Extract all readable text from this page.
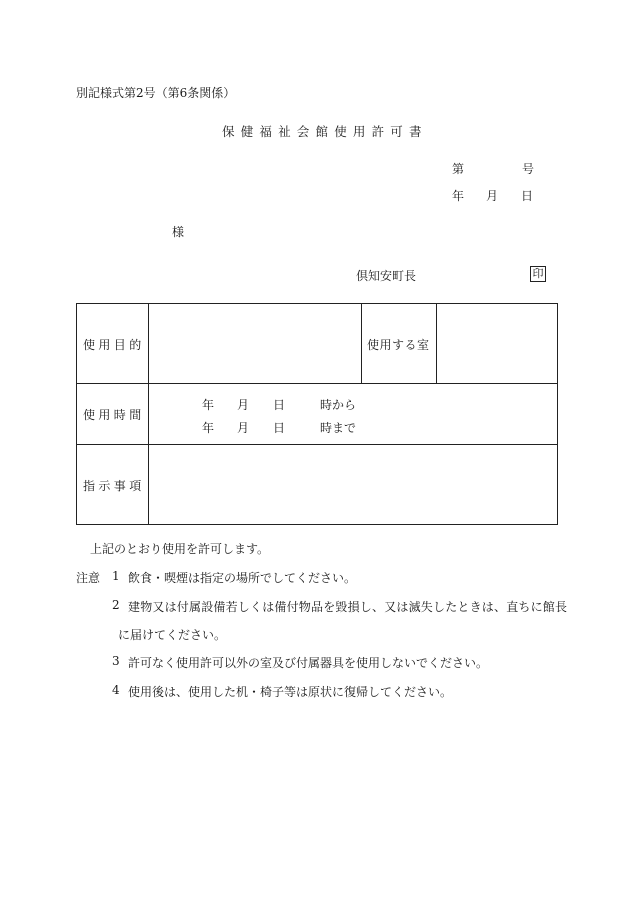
別記様式第2号（第6条関係）
保健福祉会館使用許可書
第	号
年 月 日
様
倶知安町長	印
使用目的	使用する室
使用時間
年 月 日	時から
年 月 日	時まで
指示事項
上記のとおり使用を許可します。
注意 1 飲食・喫煙は指定の場所でしてください。
2 建物又は付属設備若しくは備付物品を毀損し、又は滅失したときは、直ちに館長
に届けてください。
3 許可なく使用許可以外の室及び付属器具を使用しないでください。
4 使用後は、使用した机・椅子等は原状に復帰してください。
